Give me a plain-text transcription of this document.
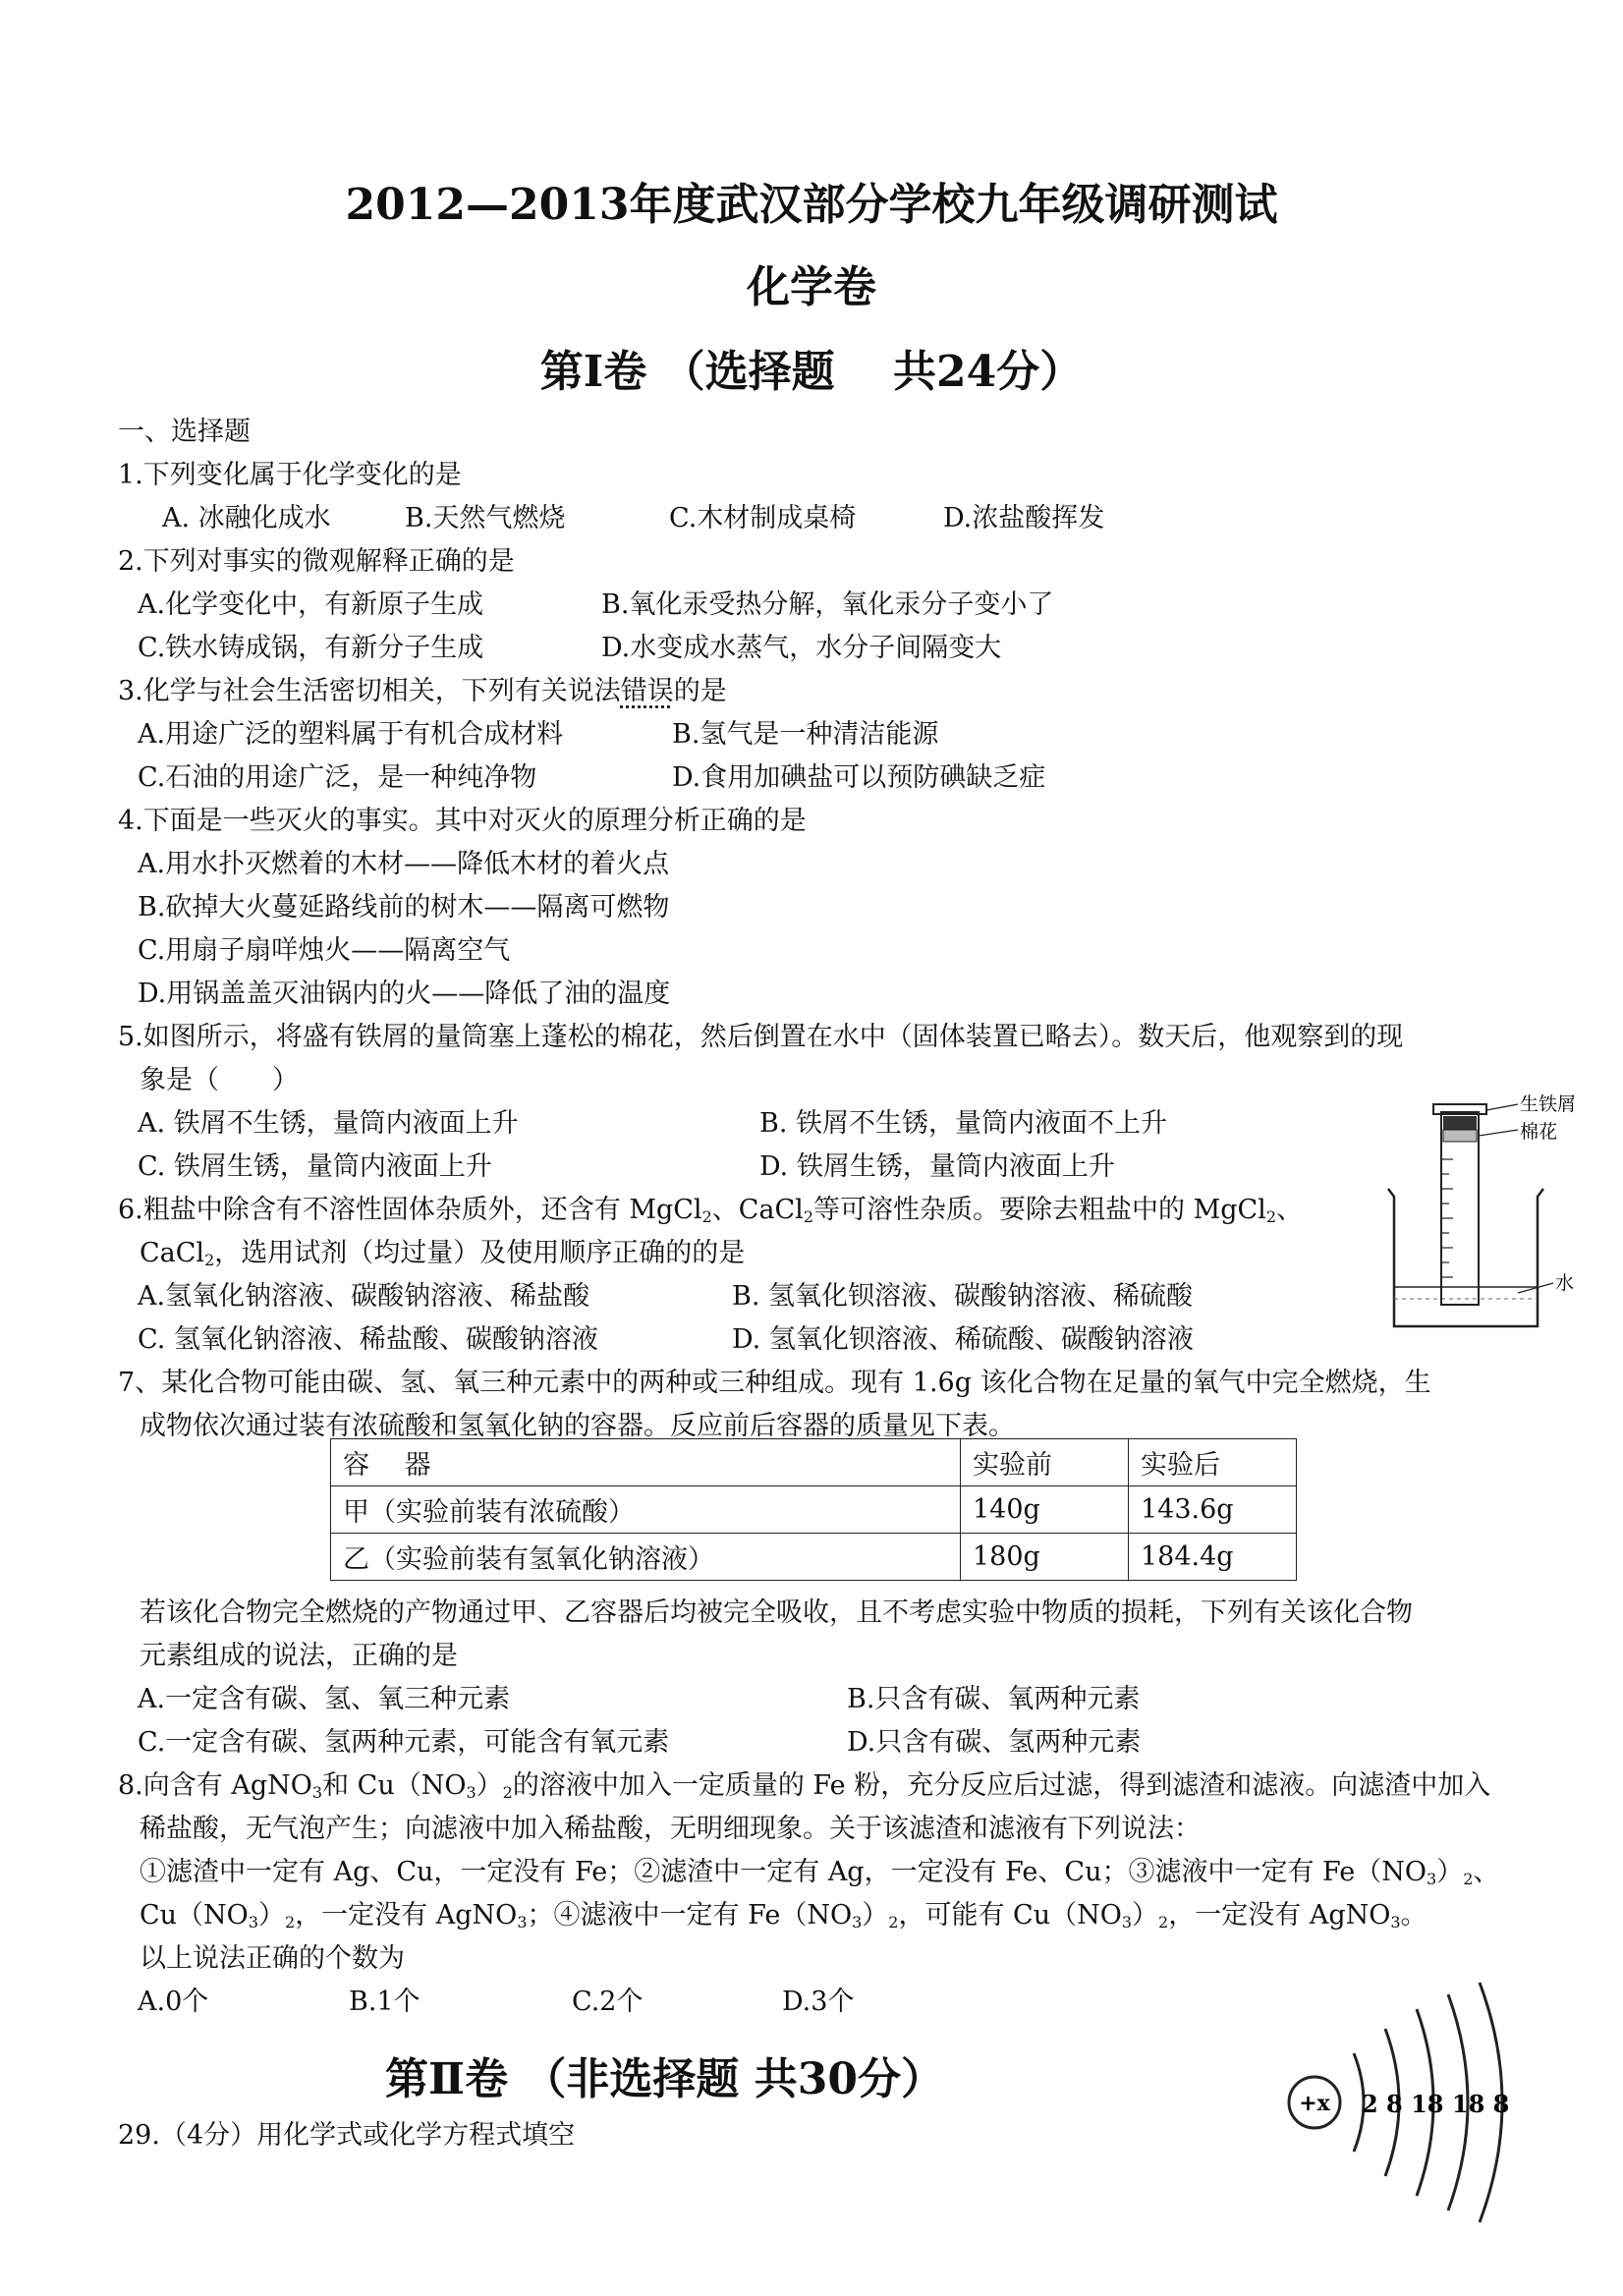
2012—2013年度武汉部分学校九年级调研测试
化学卷
第Ⅰ卷 （选择题　 共24分）
一、选择题
1.下列变化属于化学变化的是
A. 冰融化成水	B.天然气燃烧	C.木材制成桌椅	D.浓盐酸挥发
2.下列对事实的微观解释正确的是
A.化学变化中，有新原子生成	B.氧化汞受热分解，氧化汞分子变小了
C.铁水铸成锅，有新分子生成	D.水变成水蒸气，水分子间隔变大
3.化学与社会生活密切相关，下列有关说法错误的是
A.用途广泛的塑料属于有机合成材料	B.氢气是一种清洁能源
C.石油的用途广泛，是一种纯净物	D.食用加碘盐可以预防碘缺乏症
4.下面是一些灭火的事实。其中对灭火的原理分析正确的是
A.用水扑灭燃着的木材——降低木材的着火点
B.砍掉大火蔓延路线前的树木——隔离可燃物
C.用扇子扇咩烛火——隔离空气
D.用锅盖盖灭油锅内的火——降低了油的温度
5.如图所示，将盛有铁屑的量筒塞上蓬松的棉花，然后倒置在水中（固体装置已略去）。数天后，他观察到的现
象是（　　）
A. 铁屑不生锈，量筒内液面上升	B. 铁屑不生锈，量筒内液面不上升
C. 铁屑生锈，量筒内液面上升	D. 铁屑生锈，量筒内液面上升
生铁屑
棉花
水
6.粗盐中除含有不溶性固体杂质外，还含有 MgCl$_2$、CaCl$_2$等可溶性杂质。要除去粗盐中的 MgCl$_2$、
CaCl$_2$，选用试剂（均过量）及使用顺序正确的的是
A.氢氧化钠溶液、碳酸钠溶液、稀盐酸	B. 氢氧化钡溶液、碳酸钠溶液、稀硫酸
C. 氢氧化钠溶液、稀盐酸、碳酸钠溶液	D. 氢氧化钡溶液、稀硫酸、碳酸钠溶液
7、某化合物可能由碳、氢、氧三种元素中的两种或三种组成。现有 1.6g 该化合物在足量的氧气中完全燃烧，生
成物依次通过装有浓硫酸和氢氧化钠的容器。反应前后容器的质量见下表。
容　 器	实验前	实验后
甲（实验前装有浓硫酸）	140g	143.6g
乙（实验前装有氢氧化钠溶液）	180g	184.4g
若该化合物完全燃烧的产物通过甲、乙容器后均被完全吸收，且不考虑实验中物质的损耗，下列有关该化合物
元素组成的说法，正确的是
A.一定含有碳、氢、氧三种元素	B.只含有碳、氧两种元素
C.一定含有碳、氢两种元素，可能含有氧元素	D.只含有碳、氢两种元素
8.向含有 AgNO$_3$和 $Cu(NO_3)_2$的溶液中加入一定质量的 Fe 粉，充分反应后过滤，得到滤渣和滤液。向滤渣中加入
稀盐酸，无气泡产生；向滤液中加入稀盐酸，无明细现象。关于该滤渣和滤液有下列说法：
①滤渣中一定有 Ag、Cu，一定没有 Fe；②滤渣中一定有 Ag，一定没有 Fe、Cu；③滤液中一定有 $Fe(NO_3)_2$、
$Cu(NO_3)_2$，一定没有 AgNO$_3$；④滤液中一定有 $Fe(NO_3)_2$，可能有 $Cu(NO_3)_2$，一定没有 AgNO$_3$。
以上说法正确的个数为
A.0个	B.1个	C.2个	D.3个
+x 2 8 18 18 8
第Ⅱ卷 （非选择题 共30分）
29.（4分）用化学式或化学方程式填空
